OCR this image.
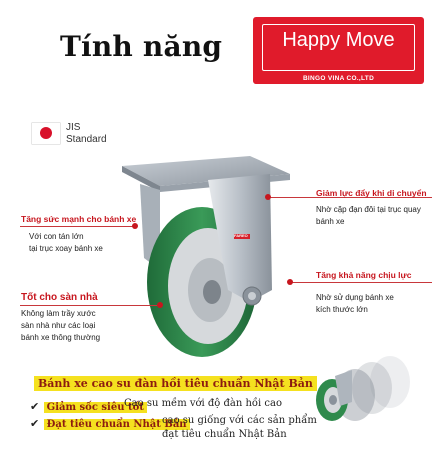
Tính năng	Happy Move
BINGO VINA CO.,LTD
JIS
Standard
FAREO
Tăng sức mạnh cho bánh xe
Với con tán lớn
tại trục xoay bánh xe
Tốt cho sàn nhà
Không làm trầy xước
sàn nhà như các loại
bánh xe thông thường
Giảm lực đẩy khi di chuyển
Nhờ cặp đạn đôi tại trục quay
bánh xe
Tăng khả năng chịu lực
Nhờ sử dụng bánh xe
kích thước lớn
Bánh xe cao su đàn hồi tiêu chuẩn Nhật Bản
✔ Giảm sốc siêu tốt
Cao su mềm với độ đàn hồi cao
✔ Đạt tiêu chuẩn Nhật Bản
cao su giống với các sản phẩm
đạt tiêu chuẩn Nhật Bản
